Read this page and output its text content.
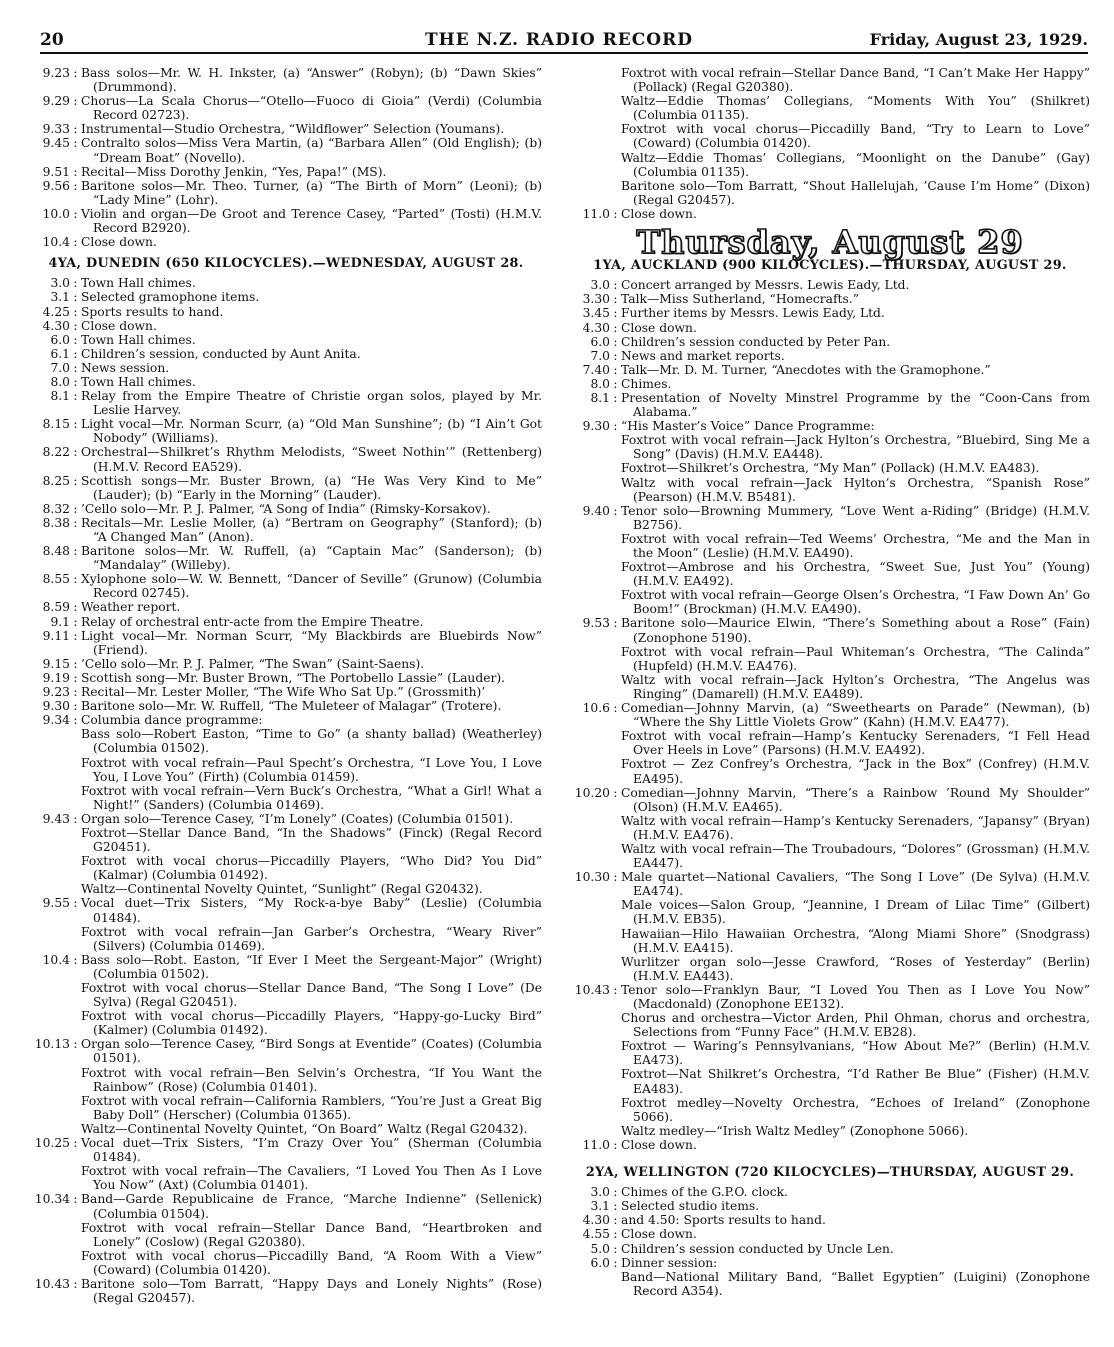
20	THE N.Z. RADIO RECORD	Friday, August 23, 1929.
9.23 : Bass solos—Mr. W. H. Inkster, (a) “Answer” (Robyn); (b) “Dawn Skies” (Drummond).
9.29 : Chorus—La Scala Chorus—“Otello—Fuoco di Gioia” (Verdi) (Columbia Record 02723).
9.33 : Instrumental—Studio Orchestra, “Wildflower” Selection (Youmans).
9.45 : Contralto solos—Miss Vera Martin, (a) “Barbara Allen” (Old English); (b) “Dream Boat” (Novello).
9.51 : Recital—Miss Dorothy Jenkin, “Yes, Papa!” (MS).
9.56 : Baritone solos—Mr. Theo. Turner, (a) “The Birth of Morn” (Leoni); (b) “Lady Mine” (Lohr).
10.0 : Violin and organ—De Groot and Terence Casey, “Parted” (Tosti) (H.M.V. Record B2920).
10.4 : Close down.
4YA, DUNEDIN (650 KILOCYCLES).—WEDNESDAY, AUGUST 28.
3.0 : Town Hall chimes.
3.1 : Selected gramophone items.
4.25 : Sports results to hand.
4.30 : Close down.
6.0 : Town Hall chimes.
6.1 : Children’s session, conducted by Aunt Anita.
7.0 : News session.
8.0 : Town Hall chimes.
8.1 : Relay from the Empire Theatre of Christie organ solos, played by Mr. Leslie Harvey.
8.15 : Light vocal—Mr. Norman Scurr, (a) “Old Man Sunshine”; (b) “I Ain’t Got Nobody” (Williams).
8.22 : Orchestral—Shilkret’s Rhythm Melodists, “Sweet Nothin’” (Rettenberg) (H.M.V. Record EA529).
8.25 : Scottish songs—Mr. Buster Brown, (a) “He Was Very Kind to Me” (Lauder); (b) “Early in the Morning” (Lauder).
8.32 : ’Cello solo—Mr. P. J. Palmer, “A Song of India” (Rimsky-Korsakov).
8.38 : Recitals—Mr. Leslie Moller, (a) “Bertram on Geography” (Stanford); (b) “A Changed Man” (Anon).
8.48 : Baritone solos—Mr. W. Ruffell, (a) “Captain Mac” (Sanderson); (b) “Mandalay” (Willeby).
8.55 : Xylophone solo—W. W. Bennett, “Dancer of Seville” (Grunow) (Columbia Record 02745).
8.59 : Weather report.
9.1 : Relay of orchestral entr-acte from the Empire Theatre.
9.11 : Light vocal—Mr. Norman Scurr, “My Blackbirds are Bluebirds Now” (Friend).
9.15 : ’Cello solo—Mr. P. J. Palmer, “The Swan” (Saint-Saens).
9.19 : Scottish song—Mr. Buster Brown, “The Portobello Lassie” (Lauder).
9.23 : Recital—Mr. Lester Moller, “The Wife Who Sat Up.” (Grossmith)’
9.30 : Baritone solo—Mr. W. Ruffell, “The Muleteer of Malagar” (Trotere).
9.34 : Columbia dance programme:
Bass solo—Robert Easton, “Time to Go” (a shanty ballad) (Weatherley) (Columbia 01502).
Foxtrot with vocal refrain—Paul Specht’s Orchestra, “I Love You, I Love You, I Love You” (Firth) (Columbia 01459).
Foxtrot with vocal refrain—Vern Buck’s Orchestra, “What a Girl! What a Night!” (Sanders) (Columbia 01469).
9.43 : Organ solo—Terence Casey, “I’m Lonely” (Coates) (Columbia 01501).
Foxtrot—Stellar Dance Band, “In the Shadows” (Finck) (Regal Record G20451).
Foxtrot with vocal chorus—Piccadilly Players, “Who Did? You Did” (Kalmar) (Columbia 01492).
Waltz—Continental Novelty Quintet, “Sunlight” (Regal G20432).
9.55 : Vocal duet—Trix Sisters, “My Rock-a-bye Baby” (Leslie) (Columbia 01484).
Foxtrot with vocal refrain—Jan Garber’s Orchestra, “Weary River” (Silvers) (Columbia 01469).
10.4 : Bass solo—Robt. Easton, “If Ever I Meet the Sergeant-Major” (Wright) (Columbia 01502).
Foxtrot with vocal chorus—Stellar Dance Band, “The Song I Love” (De Sylva) (Regal G20451).
Foxtrot with vocal chorus—Piccadilly Players, “Happy-go-Lucky Bird” (Kalmer) (Columbia 01492).
10.13 : Organ solo—Terence Casey, “Bird Songs at Eventide” (Coates) (Columbia 01501).
Foxtrot with vocal refrain—Ben Selvin’s Orchestra, “If You Want the Rainbow” (Rose) (Columbia 01401).
Foxtrot with vocal refrain—California Ramblers, “You’re Just a Great Big Baby Doll” (Herscher) (Columbia 01365).
Waltz—Continental Novelty Quintet, “On Board” Waltz (Regal G20432).
10.25 : Vocal duet—Trix Sisters, “I’m Crazy Over You” (Sherman (Columbia 01484).
Foxtrot with vocal refrain—The Cavaliers, “I Loved You Then As I Love You Now” (Axt) (Columbia 01401).
10.34 : Band—Garde Republicaine de France, “Marche Indienne” (Sellenick) (Columbia 01504).
Foxtrot with vocal refrain—Stellar Dance Band, “Heartbroken and Lonely” (Coslow) (Regal G20380).
Foxtrot with vocal chorus—Piccadilly Band, “A Room With a View” (Coward) (Columbia 01420).
10.43 : Baritone solo—Tom Barratt, “Happy Days and Lonely Nights” (Rose) (Regal G20457).
Foxtrot with vocal refrain—Stellar Dance Band, “I Can’t Make Her Happy” (Pollack) (Regal G20380).
Waltz—Eddie Thomas’ Collegians, “Moments With You” (Shilkret) (Columbia 01135).
Foxtrot with vocal chorus—Piccadilly Band, “Try to Learn to Love” (Coward) (Columbia 01420).
Waltz—Eddie Thomas’ Collegians, “Moonlight on the Danube” (Gay) (Columbia 01135).
Baritone solo—Tom Barratt, “Shout Hallelujah, ’Cause I’m Home” (Dixon) (Regal G20457).
11.0 : Close down.
Thursday, August 29
1YA, AUCKLAND (900 KILOCYCLES).—THURSDAY, AUGUST 29.
3.0 : Concert arranged by Messrs. Lewis Eady, Ltd.
3.30 : Talk—Miss Sutherland, “Homecrafts.”
3.45 : Further items by Messrs. Lewis Eady, Ltd.
4.30 : Close down.
6.0 : Children’s session conducted by Peter Pan.
7.0 : News and market reports.
7.40 : Talk—Mr. D. M. Turner, “Anecdotes with the Gramophone.”
8.0 : Chimes.
8.1 : Presentation of Novelty Minstrel Programme by the “Coon-Cans from Alabama.”
9.30 : “His Master’s Voice” Dance Programme:
Foxtrot with vocal refrain—Jack Hylton’s Orchestra, “Bluebird, Sing Me a Song” (Davis) (H.M.V. EA448).
Foxtrot—Shilkret’s Orchestra, “My Man” (Pollack) (H.M.V. EA483).
Waltz with vocal refrain—Jack Hylton’s Orchestra, “Spanish Rose” (Pearson) (H.M.V. B5481).
9.40 : Tenor solo—Browning Mummery, “Love Went a-Riding” (Bridge) (H.M.V. B2756).
Foxtrot with vocal refrain—Ted Weems’ Orchestra, “Me and the Man in the Moon” (Leslie) (H.M.V. EA490).
Foxtrot—Ambrose and his Orchestra, “Sweet Sue, Just You” (Young) (H.M.V. EA492).
Foxtrot with vocal refrain—George Olsen’s Orchestra, “I Faw Down An’ Go Boom!” (Brockman) (H.M.V. EA490).
9.53 : Baritone solo—Maurice Elwin, “There’s Something about a Rose” (Fain) (Zonophone 5190).
Foxtrot with vocal refrain—Paul Whiteman’s Orchestra, “The Calinda” (Hupfeld) (H.M.V. EA476).
Waltz with vocal refrain—Jack Hylton’s Orchestra, “The Angelus was Ringing” (Damarell) (H.M.V. EA489).
10.6 : Comedian—Johnny Marvin, (a) “Sweethearts on Parade” (Newman), (b) “Where the Shy Little Violets Grow” (Kahn) (H.M.V. EA477).
Foxtrot with vocal refrain—Hamp’s Kentucky Serenaders, “I Fell Head Over Heels in Love” (Parsons) (H.M.V. EA492).
Foxtrot — Zez Confrey’s Orchestra, “Jack in the Box” (Confrey) (H.M.V. EA495).
10.20 : Comedian—Johnny Marvin, “There’s a Rainbow ’Round My Shoulder” (Olson) (H.M.V. EA465).
Waltz with vocal refrain—Hamp’s Kentucky Serenaders, “Japansy” (Bryan) (H.M.V. EA476).
Waltz with vocal refrain—The Troubadours, “Dolores” (Grossman) (H.M.V. EA447).
10.30 : Male quartet—National Cavaliers, “The Song I Love” (De Sylva) (H.M.V. EA474).
Male voices—Salon Group, “Jeannine, I Dream of Lilac Time” (Gilbert) (H.M.V. EB35).
Hawaiian—Hilo Hawaiian Orchestra, “Along Miami Shore” (Snodgrass) (H.M.V. EA415).
Wurlitzer organ solo—Jesse Crawford, “Roses of Yesterday” (Berlin) (H.M.V. EA443).
10.43 : Tenor solo—Franklyn Baur, “I Loved You Then as I Love You Now” (Macdonald) (Zonophone EE132).
Chorus and orchestra—Victor Arden, Phil Ohman, chorus and orchestra, Selections from “Funny Face” (H.M.V. EB28).
Foxtrot — Waring’s Pennsylvanians, “How About Me?” (Berlin) (H.M.V. EA473).
Foxtrot—Nat Shilkret’s Orchestra, “I’d Rather Be Blue” (Fisher) (H.M.V. EA483).
Foxtrot medley—Novelty Orchestra, “Echoes of Ireland” (Zonophone 5066).
Waltz medley—“Irish Waltz Medley” (Zonophone 5066).
11.0 : Close down.
2YA, WELLINGTON (720 KILOCYCLES)—THURSDAY, AUGUST 29.
3.0 : Chimes of the G.P.O. clock.
3.1 : Selected studio items.
4.30 : and 4.50: Sports results to hand.
4.55 : Close down.
5.0 : Children’s session conducted by Uncle Len.
6.0 : Dinner session:
Band—National Military Band, “Ballet Egyptien” (Luigini) (Zonophone Record A354).
